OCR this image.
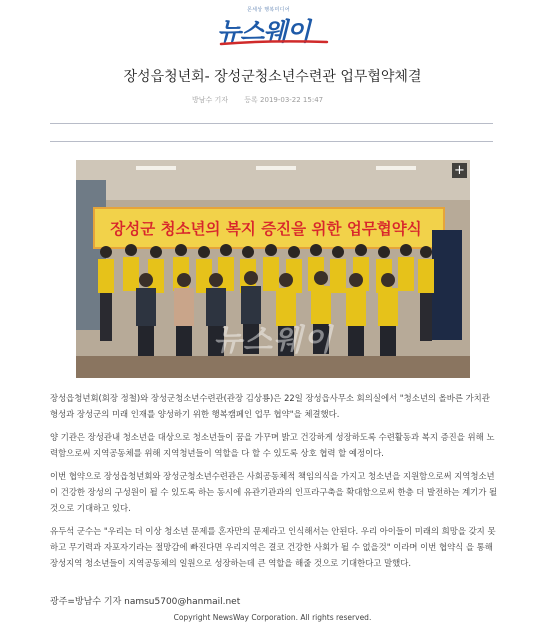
몬세상 행복미디어
뉴스웨이
장성읍청년회- 장성군청소년수련관 업무협약체결
방남수 기자 등록 2019-03-22 15:47
장성군 청소년의 복지 증진을 위한 업무협약식
뉴스웨이
+
장성읍청년회(회장 정철)와 장성군청소년수련관(관장 김상룡)은 22일 장성읍사무소 회의실에서 "청소년의 올바른 가치관 형성과 장성군의 미래 인재를 양성하기 위한 행복캠페인 업무 협약"을 체결했다.
양 기관은 장성관내 청소년을 대상으로 청소년들이 꿈을 가꾸며 밝고 건강하게 성장하도록 수련활동과 복지 증진을 위해 노력함으로써 지역공동체를 위해 지역청년들이 역할을 다 할 수 있도록 상호 협력 할 예정이다.
이번 협약으로 장성읍청년회와 장성군청소년수련관은 사회공동체적 책임의식을 가지고 청소년을 지원함으로써 지역청소년이 건강한 장성의 구성원이 될 수 있도록 하는 동시에 유관기관과의 인프라구축을 확대함으로써 한층 더 발전하는 계기가 될 것으로 기대하고 있다.
유두석 군수는 "우리는 더 이상 청소년 문제를 혼자만의 문제라고 인식해서는 안된다. 우리 아이들이 미래의 희망을 갖지 못하고 무기력과 자포자기라는 절망감에 빠진다면 우리지역은 결코 건강한 사회가 될 수 없을것" 이라며 이번 협약식 을 통해 장성지역 청소년들이 지역공동체의 일원으로 성장하는데 큰 역할을 해줄 것으로 기대한다고 말했다.
광주=방남수 기자 namsu5700@hanmail.net
Copyright NewsWay Corporation. All rights reserved.
